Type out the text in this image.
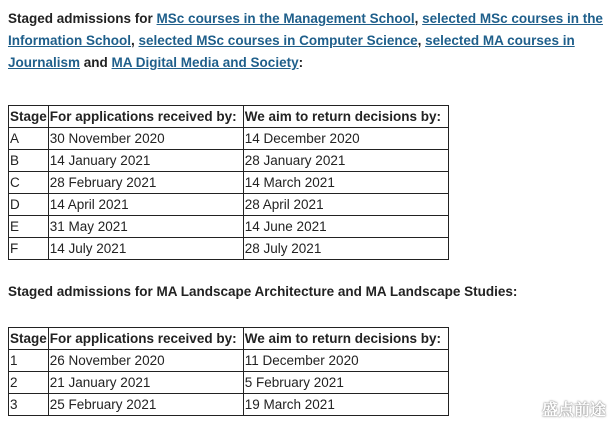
Staged admissions for MSc courses in the Management School, selected MSc courses in the Information School, selected MSc courses in Computer Science, selected MA courses in Journalism and MA Digital Media and Society:
Stage	For applications received by:	We aim to return decisions by:
A	30 November 2020	14 December 2020
B	14 January 2021	28 January 2021
C	28 February 2021	14 March 2021
D	14 April 2021	28 April 2021
E	31 May 2021	14 June 2021
F	14 July 2021	28 July 2021
Staged admissions for MA Landscape Architecture and MA Landscape Studies:
Stage	For applications received by:	We aim to return decisions by:
1	26 November 2020	11 December 2020
2	21 January 2021	5 February 2021
3	25 February 2021	19 March 2021	盛点前途
